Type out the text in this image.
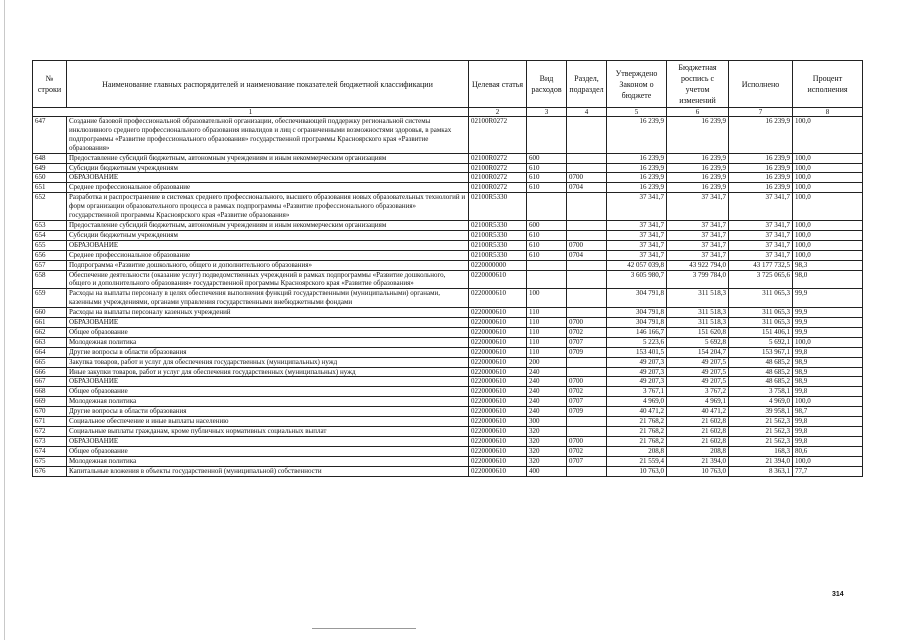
№ строки	Наименование главных распорядителей и наименование показателей бюджетной классификации	Целевая статья	Вид расходов	Раздел, подраздел	Утверждено Законом о бюджете	Бюджетная роспись с учетом изменений	Исполнено	Процент исполнения
1		2	3	4	5	6	7	8
647	Создание базовой профессиональной образовательной организации, обеспечивающей поддержку региональной системы инклюзивного среднего профессионального образования инвалидов и лиц с ограниченными возможностями здоровья, в рамках подпрограммы «Развитие профессионального образования» государственной программы Красноярского края «Развитие образования»	02100R0272			16 239,9	16 239,9	16 239,9	100,0
648	Предоставление субсидий бюджетным, автономным учреждениям и иным некоммерческим организациям	02100R0272	600		16 239,9	16 239,9	16 239,9	100,0
649	Субсидии бюджетным учреждениям	02100R0272	610		16 239,9	16 239,9	16 239,9	100,0
650	ОБРАЗОВАНИЕ	02100R0272	610	0700	16 239,9	16 239,9	16 239,9	100,0
651	Среднее профессиональное образование	02100R0272	610	0704	16 239,9	16 239,9	16 239,9	100,0
652	Разработка и распространение в системах среднего профессионального, высшего образования новых образовательных технологий и форм организации образовательного процесса в рамках подпрограммы «Развитие профессионального образования» государственной программы Красноярского края «Развитие образования»	02100R5330			37 341,7	37 341,7	37 341,7	100,0
653	Предоставление субсидий бюджетным, автономным учреждениям и иным некоммерческим организациям	02100R5330	600		37 341,7	37 341,7	37 341,7	100,0
654	Субсидии бюджетным учреждениям	02100R5330	610		37 341,7	37 341,7	37 341,7	100,0
655	ОБРАЗОВАНИЕ	02100R5330	610	0700	37 341,7	37 341,7	37 341,7	100,0
656	Среднее профессиональное образование	02100R5330	610	0704	37 341,7	37 341,7	37 341,7	100,0
657	Подпрограмма «Развитие дошкольного, общего и дополнительного образования»	0220000000			42 057 039,8	43 922 794,0	43 177 732,5	98,3
658	Обеспечение деятельности (оказание услуг) подведомственных учреждений в рамках подпрограммы «Развитие дошкольного, общего и дополнительного образования» государственной программы Красноярского края «Развитие образования»	0220000610			3 605 980,7	3 799 784,0	3 725 065,6	98,0
659	Расходы на выплаты персоналу в целях обеспечения выполнения функций государственными (муниципальными) органами, казенными учреждениями, органами управления государственными внебюджетными фондами	0220000610	100		304 791,8	311 518,3	311 065,3	99,9
660	Расходы на выплаты персоналу казенных учреждений	0220000610	110		304 791,8	311 518,3	311 065,3	99,9
661	ОБРАЗОВАНИЕ	0220000610	110	0700	304 791,8	311 518,3	311 065,3	99,9
662	Общее образование	0220000610	110	0702	146 166,7	151 620,8	151 406,1	99,9
663	Молодежная политика	0220000610	110	0707	5 223,6	5 692,8	5 692,1	100,0
664	Другие вопросы в области образования	0220000610	110	0709	153 401,5	154 204,7	153 967,1	99,8
665	Закупка товаров, работ и услуг для обеспечения государственных (муниципальных) нужд	0220000610	200		49 207,3	49 207,5	48 685,2	98,9
666	Иные закупки товаров, работ и услуг для обеспечения государственных (муниципальных) нужд	0220000610	240		49 207,3	49 207,5	48 685,2	98,9
667	ОБРАЗОВАНИЕ	0220000610	240	0700	49 207,3	49 207,5	48 685,2	98,9
668	Общее образование	0220000610	240	0702	3 767,1	3 767,2	3 758,1	99,8
669	Молодежная политика	0220000610	240	0707	4 969,0	4 969,1	4 969,0	100,0
670	Другие вопросы в области образования	0220000610	240	0709	40 471,2	40 471,2	39 958,1	98,7
671	Социальное обеспечение и иные выплаты населению	0220000610	300		21 768,2	21 602,8	21 562,3	99,8
672	Социальные выплаты гражданам, кроме публичных нормативных социальных выплат	0220000610	320		21 768,2	21 602,8	21 562,3	99,8
673	ОБРАЗОВАНИЕ	0220000610	320	0700	21 768,2	21 602,8	21 562,3	99,8
674	Общее образование	0220000610	320	0702	208,8	208,8	168,3	80,6
675	Молодежная политика	0220000610	320	0707	21 559,4	21 394,0	21 394,0	100,0
676	Капитальные вложения в объекты государственной (муниципальной) собственности	0220000610	400		10 763,0	10 763,0	8 363,1	77,7
314
